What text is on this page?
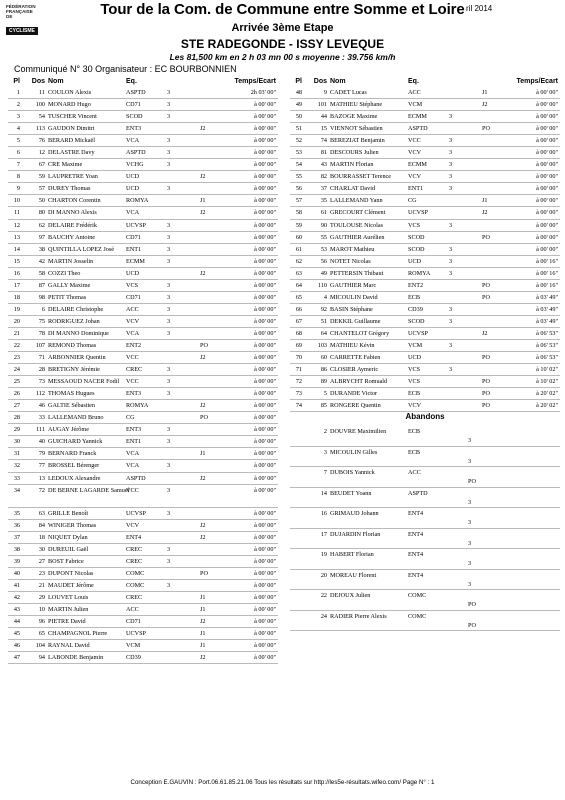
FÉDÉRATION
FRANÇAISE
DE
CYCLISME
ril 2014
Tour de la Com. de Commune entre Somme et Loire
Arrivée 3ème Etape
STE RADEGONDE - ISSY LEVEQUE
Les 81,500 km en 2 h 03 mn 00 s moyenne : 39.756 km/h
Communiqué N° 30 Organisateur : EC BOURBONNIEN
Pl	Dos Nom	Eq.	Temps/Ecart
1	11 COULON Alexis	ASPTD	3	2h 03' 00"
2	100 MONARD Hugo	CD71	3	à 00' 00"
3	54 TUSCHER Vincent	SCOD	3	à 00' 00"
4	113 GAUDON Dimitri	ENT3	J2	à 00' 00"
5	76 BERARD Mickaël	VCA	3	à 00' 00"
6	12 DELASTRE Davy	ASPTD	3	à 00' 00"
7	67 CRE Maxime	VCHG	3	à 00' 00"
8	59 LAUPRETRE Yoan	UCD	J2	à 00' 00"
9	57 DUREY Thomas	UCD	3	à 00' 00"
10	50 CHARTON Corentin	ROMYA	J1	à 00' 00"
11	80 DI MANNO Alexis	VCA	J2	à 00' 00"
12	62 DELAIRE Frédérik	UCVSP	3	à 00' 00"
13	97 BAUCHY Antoine	CD71	3	à 00' 00"
14	38 QUINTILLA LOPEZ José ENT1	3	à 00' 00"
15	42 MARTIN Josselin	ECMM	3	à 00' 00"
16	58 COZZI Theo	UCD	J2	à 00' 00"
17	87 GALLY Maxime	VCS	3	à 00' 00"
18	98 PETIT Thomas	CD71	3	à 00' 00"
19	6 DELAIRE Christophe	ACC	3	à 00' 00"
20	75 RODRIGUEZ Johan	VCV	3	à 00' 00"
21	78 DI MANNO Dominique	VCA	3	à 00' 00"
22	107 REMOND Thomas	ENT2	PO	à 00' 00"
23	71 ARBONNIER Quentin	VCC	J2	à 00' 00"
24	28 BRETIGNY Jérémie	CREC	3	à 00' 00"
25	73 MESSAOUD NACER Fodil VCC	3	à 00' 00"
26	112 THOMAS Hugues	ENT3	3	à 00' 00"
27	46 GALTIE Sébastien	ROMYA	J2	à 00' 00"
28	33 LALLEMAND Bruno	CG	PO	à 00' 00"
29	111 AUGAY Jérôme	ENT3	3	à 00' 00"
30	40 GUICHARD Yannick	ENT1	3	à 00' 00"
31	79 BERNARD Franck	VCA	J1	à 00' 00"
32	77 BROSSEL Bérenger	VCA	3	à 00' 00"
33	13 LEDOUX Alexandre	ASPTD	J2	à 00' 00"
34	72 DE BERNE LAGARDE Samuel
VCC	3	à 00' 00"
35	63 GRILLE Benoît	UCVSP	3	à 00' 00"
36	84 WINIGER Thomas	VCV	J2	à 00' 00"
37	18 NIQUET Dylan	ENT4	J2	à 00' 00"
38	30 DUREUIL Gaël	CREC	3	à 00' 00"
39	27 BOST Fabrice	CREC	3	à 00' 00"
40	23 DUPONT Nicolas	COMC	PO	à 00' 00"
41	21 MAUDET Jérôme	COMC	3	à 00' 00"
42	29 LOUVET Louis	CREC	J1	à 00' 00"
43	10 MARTIN Julien	ACC	J1	à 00' 00"
44	96 PIETRE David	CD71	J2	à 00' 00"
45	65 CHAMPAGNOL Pierre	UCVSP	J1	à 00' 00"
46	104 RAYNAL David	VCM	J1	à 00' 00"
47	94 LABONDE Benjamin	CD39	J2	à 00' 00"
Pl	Dos Nom	Eq.	Temps/Ecart
48	9 CADET Lucas	ACC	J1	à 00' 00"
49	101 MATHIEU Stéphane	VCM	J2	à 00' 00"
50	44 BAZOGE Maxime	ECMM	3	à 00' 00"
51	15 VIENNOT Sébastien	ASPTD	PO	à 00' 00"
52	74 BEREZIAT Benjamin	VCC	3	à 00' 00"
53	81 DESCOURS Julien	VCV	3	à 00' 00"
54	43 MARTIN Florian	ECMM	3	à 00' 00"
55	82 BOURRASSET Terence	VCV	3	à 00' 00"
56	37 CHARLAT David	ENT1	3	à 00' 00"
57	35 LALLEMAND Yann	CG	J1	à 00' 00"
58	61 GRECOURT Clément	UCVSP	J2	à 00' 00"
59	90 TOULOUSE Nicolas	VCS	3	à 00' 00"
60	55 GAUTHIER Aurélien	SCOD	PO	à 00' 00"
61	53 MAROT Mathieu	SCOD	3	à 00' 00"
62	56 NOTET Nicolas	UCD	3	à 00' 16"
63	49 PETTERSIN Thibaut	ROMYA	3	à 00' 16"
64	110 GAUTHIER Marc	ENT2	PO	à 00' 16"
65	4 MICOULIN David	ECB	PO	à 03' 49"
66	92 BASIN Stéphane	CD39	3	à 03' 49"
67	51 DEKKIL Guillaume	SCOD	3	à 03' 49"
68	64 CHANTELOT Grégory	UCVSP	J2	à 06' 53"
69	103 MATHIEU Kévin	VCM	3	à 06' 53"
70	60 CARRETTE Fabien	UCD	PO	à 06' 53"
71	86 CLOSIER Aymeric	VCS	3	à 10' 02"
72	89 ALBRYCHT Romuald	VCS	PO	à 10' 02"
73	5 DURANDE Victor	ECB	PO	à 20' 02"
74	85 RONGERE Quentin	VCV	PO	à 20' 02"
Abandons
2 DOUVRE Maximilien	ECB
3
3 MICOULIN Gilles	ECB
3
7 DUBOIS Yannick	ACC
PO
14 BEUDET Yoann	ASPTD
3
16 GRIMAUD Johann	ENT4
3
17 DUJARDIN Florian	ENT4
3
19 HABERT Florian	ENT4
3
20 MOREAU Florent	ENT4
3
22 DEJOUX Julien	COMC
PO
24 RADIER Pierre Alexis	COMC
PO
Conception E.GAUVIN : Port.06.61.85.21.06 Tous les résultats sur http://les5e-résultats.wifeo.com/ Page N° : 1
